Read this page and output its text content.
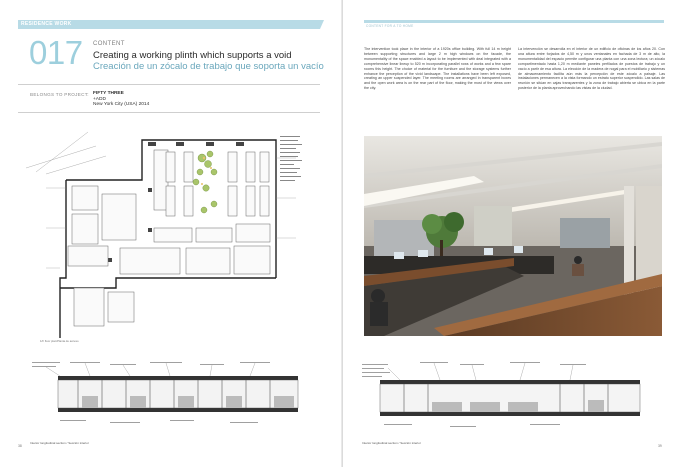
RESIDENCE WORK
017 CONTENT
Creating a working plinth which supports a void
Creación de un zócalo de trabajo que soporta un vacío
BELONGS TO PROJECT: FIFTY THREE
+ADD
New York City (USA) 2014
1/F floor plan/Planta de acceso
Interior longitudinal section / Sección interior
38
CONTENT FOR A TO HOME
The intervention took place in the interior of a 1920s office building. With full 14 m height between supporting structures and large 2 m high windows on the facade, the monumentality of the space enabled a layout to be implemented with deal integrated with a comprehensive linear lineup to 520 m incorporating parallel rows of works and a few spare rooms this height. The choice of material for the furniture and the storage systems further enhance the perception of the vivid landscape. The installations have been left exposed, creating an upper suspended layer. The meeting rooms are arranged in transparent boxes and the open work area is on the rear part of the floor, making the most of the views over the city.
La intervención se desarrolla en el interior de un edificio de oficinas de los años 20. Con una altura entre forjados de 4,50 m y unos ventanales en fachada de 3 m de alto, la monumentalidad del espacio permite configurar una planta con una zona lectura; un zócalo compartimentado hasta 1,20 m mediante paneles perfilados de puestos de trabajo y un vacío a partir de esa altura. La elección de la madera de nogal para el mobiliario y sistemas de almacenamiento facilita aún más la percepción de este zócalo a paisaje. Las instalaciones permanecen a la vista formando un estrato superior suspendido. Las salas de reunión se sitúan en cajas transparentes y la zona de trabajo abierta se ubica en la parte posterior de la planta aprovechando las vistas de la ciudad.
Interior longitudinal section / Sección interior
39
